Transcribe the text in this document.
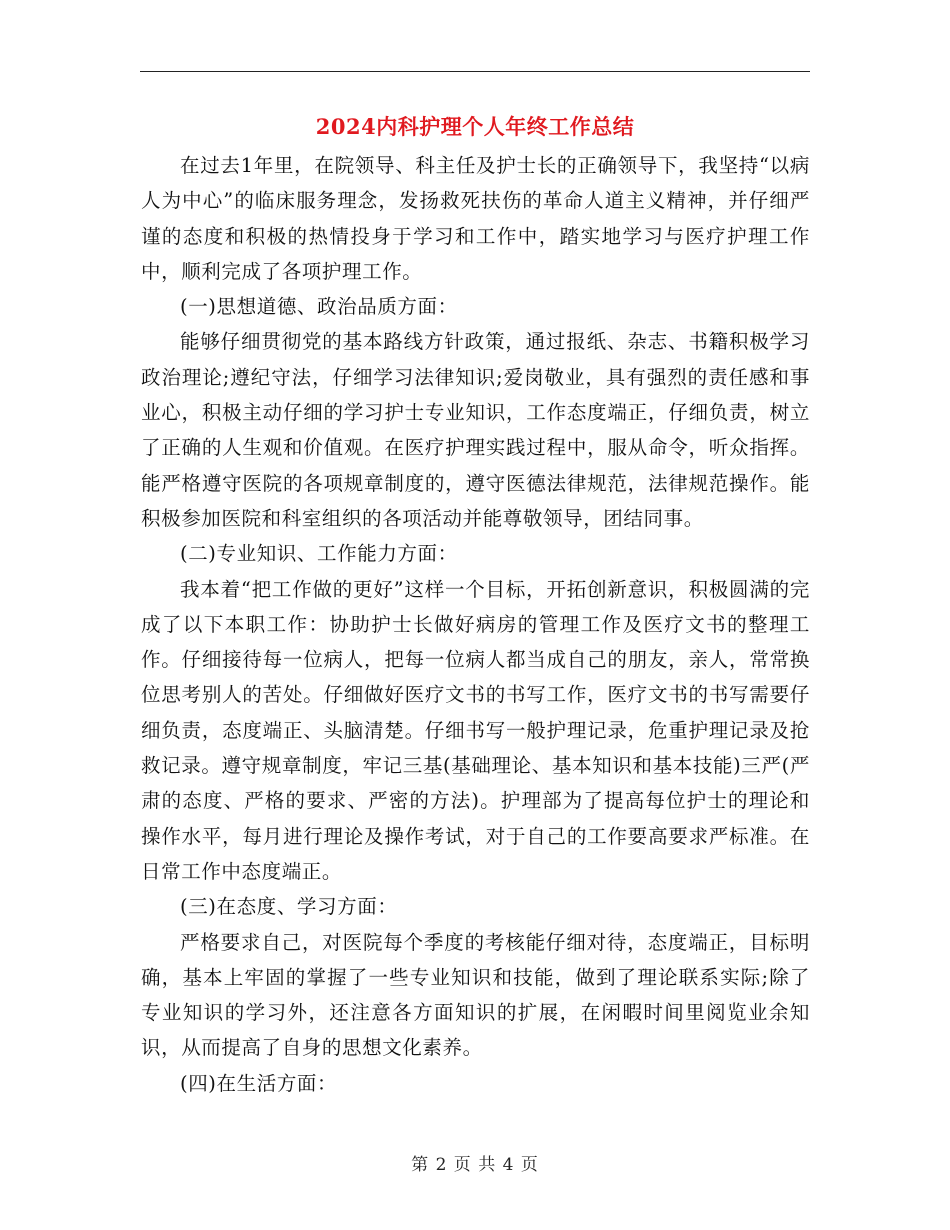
2024内科护理个人年终工作总结

在过去1年里，在院领导、科主任及护士长的正确领导下，我坚持“以病人为中心”的临床服务理念，发扬救死扶伤的革命人道主义精神，并仔细严谨的态度和积极的热情投身于学习和工作中，踏实地学习与医疗护理工作中，顺利完成了各项护理工作。

(一)思想道德、政治品质方面：

能够仔细贯彻党的基本路线方针政策，通过报纸、杂志、书籍积极学习政治理论;遵纪守法，仔细学习法律知识;爱岗敬业，具有强烈的责任感和事业心，积极主动仔细的学习护士专业知识，工作态度端正，仔细负责，树立了正确的人生观和价值观。在医疗护理实践过程中，服从命令，听众指挥。能严格遵守医院的各项规章制度的，遵守医德法律规范，法律规范操作。能积极参加医院和科室组织的各项活动并能尊敬领导，团结同事。

(二)专业知识、工作能力方面：

我本着“把工作做的更好”这样一个目标，开拓创新意识，积极圆满的完成了以下本职工作：协助护士长做好病房的管理工作及医疗文书的整理工作。仔细接待每一位病人，把每一位病人都当成自己的朋友，亲人，常常换位思考别人的苦处。仔细做好医疗文书的书写工作，医疗文书的书写需要仔细负责，态度端正、头脑清楚。仔细书写一般护理记录，危重护理记录及抢救记录。遵守规章制度，牢记三基(基础理论、基本知识和基本技能)三严(严肃的态度、严格的要求、严密的方法)。护理部为了提高每位护士的理论和操作水平，每月进行理论及操作考试，对于自己的工作要高要求严标准。在日常工作中态度端正。

(三)在态度、学习方面：

严格要求自己，对医院每个季度的考核能仔细对待，态度端正，目标明确，基本上牢固的掌握了一些专业知识和技能，做到了理论联系实际;除了专业知识的学习外，还注意各方面知识的扩展，在闲暇时间里阅览业余知识，从而提高了自身的思想文化素养。

(四)在生活方面：

第 2 页 共 4 页
